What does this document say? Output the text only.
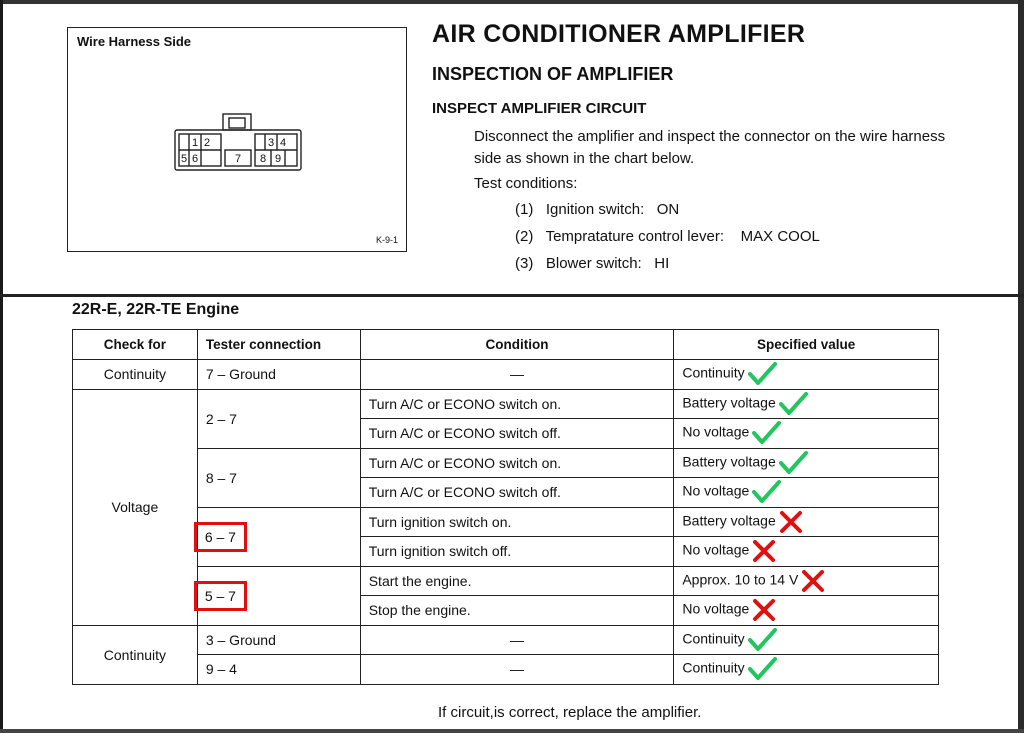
Wire Harness Side
1 2	3 4
5 6	7 8 9
K-9-1
AIR CONDITIONER AMPLIFIER
INSPECTION OF AMPLIFIER
INSPECT AMPLIFIER CIRCUIT
Disconnect the amplifier and inspect the connector on the wire harness side as shown in the chart below.
Test conditions:
(1) Ignition switch: ON
(2) Tempratature control lever: MAX COOL
(3) Blower switch: HI
22R-E, 22R-TE Engine
Check for	Tester connection	Condition	Specified value
Continuity	7 – Ground	—	Continuity

Voltage	2 – 7	Turn A/C or ECONO switch on.	Battery voltage

		Turn A/C or ECONO switch off.	No voltage

	8 – 7	Turn A/C or ECONO switch on.	Battery voltage

		Turn A/C or ECONO switch off.	No voltage

	6 – 7	Turn ignition switch on.	Battery voltage

		Turn ignition switch off.	No voltage

	5 – 7	Start the engine.	Approx. 10 to 14 V

		Stop the engine.	No voltage

Continuity	3 – Ground	—	Continuity

	9 – 4	—	Continuity
If circuit,is correct, replace the amplifier.
